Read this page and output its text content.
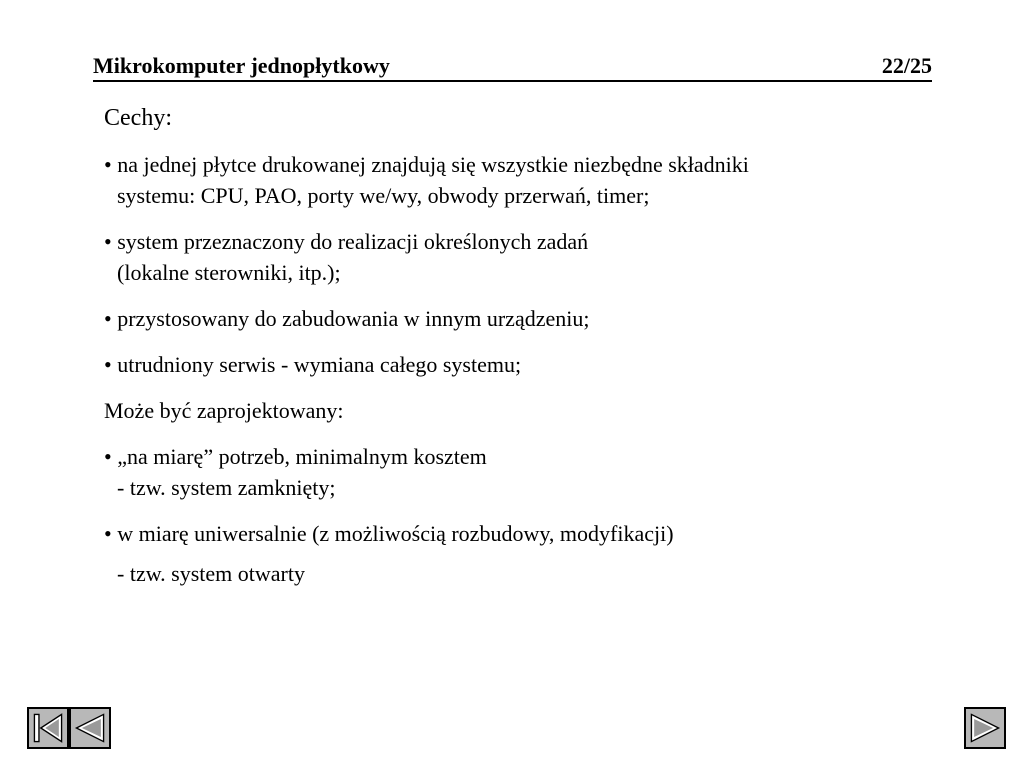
Mikrokomputer jednopłytkowy	22/25
Cechy:
• na jednej płytce drukowanej znajdują się wszystkie niezbędne składniki
systemu: CPU, PAO, porty we/wy, obwody przerwań, timer;
• system przeznaczony do realizacji określonych zadań
(lokalne sterowniki, itp.);
• przystosowany do zabudowania w innym urządzeniu;
• utrudniony serwis - wymiana całego systemu;
Może być zaprojektowany:
• „na miarę” potrzeb, minimalnym kosztem
- tzw. system zamknięty;
• w miarę uniwersalnie (z możliwością rozbudowy, modyfikacji)
- tzw. system otwarty
